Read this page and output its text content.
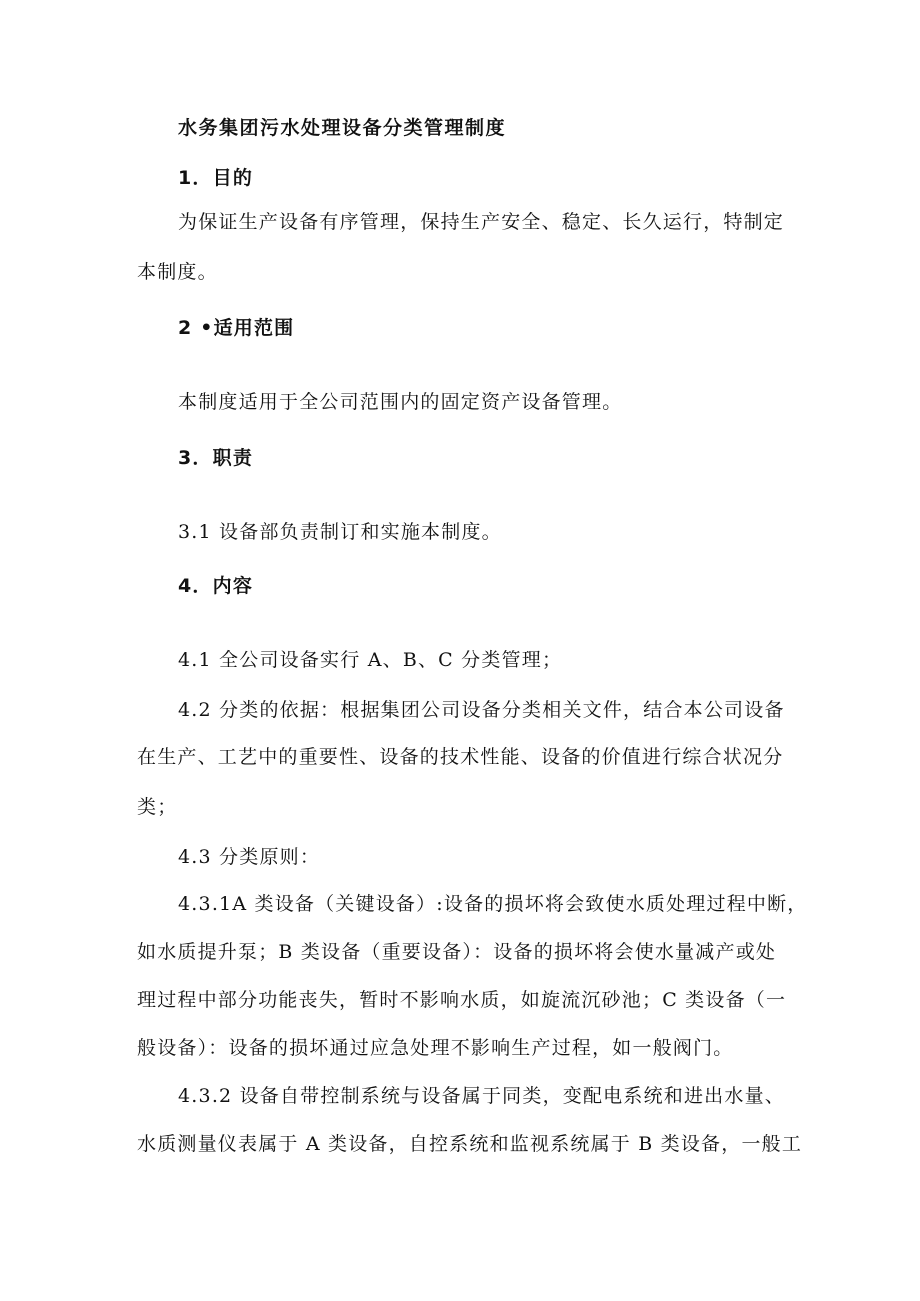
水务集团污水处理设备分类管理制度
1．目的
为保证生产设备有序管理，保持生产安全、稳定、长久运行，特制定
本制度。
2 •适用范围
本制度适用于全公司范围内的固定资产设备管理。
3．职责
3.1 设备部负责制订和实施本制度。
4．内容
4.1 全公司设备实行 A、B、C 分类管理；
4.2 分类的依据：根据集团公司设备分类相关文件，结合本公司设备
在生产、工艺中的重要性、设备的技术性能、设备的价值进行综合状况分
类；
4.3 分类原则：
4.3.1A 类设备（关键设备）:设备的损坏将会致使水质处理过程中断，
如水质提升泵；B 类设备（重要设备）：设备的损坏将会使水量减产或处
理过程中部分功能丧失，暂时不影响水质，如旋流沉砂池；C 类设备（一
般设备）：设备的损坏通过应急处理不影响生产过程，如一般阀门。
4.3.2 设备自带控制系统与设备属于同类，变配电系统和进出水量、
水质测量仪表属于 A 类设备，自控系统和监视系统属于 B 类设备，一般工
